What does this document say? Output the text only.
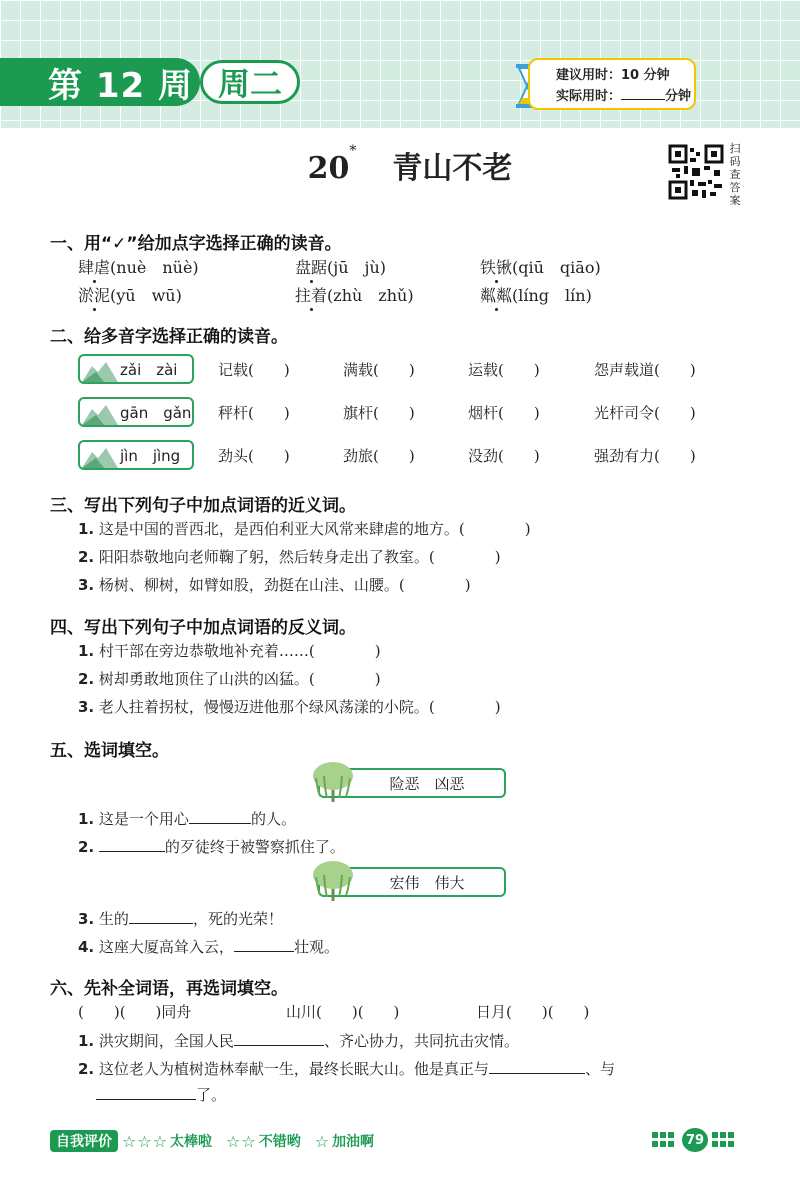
第 12 周 周二	建议用时：10 分钟
实际用时：	分钟
20* 青山不老
扫码查答案
一、用“✓”给加点字选择正确的读音。
肆虐(nuè　nüè)	盘踞(jū　jù)	铁锹(qiū　qiāo)
淤泥(yū　wū)	拄着(zhù　zhǔ)	粼粼(líng　lín)
二、给多音字选择正确的读音。
zǎi　zài	记载(　　)	满载(　　)	运载(　　)	怨声载道(　　)
gān　gǎn 秤杆(　　)	旗杆(　　)	烟杆(　　)	光杆司令(　　)
jìn　jìng	劲头(　　)	劲旅(　　)	没劲(　　)	强劲有力(　　)
三、写出下列句子中加点词语的近义词。
1. 这是中国的晋西北，是西伯利亚大风常来肆虐的地方。(　　　　)
2. 阳阳恭敬地向老师鞠了躬，然后转身走出了教室。(　　　　)
3. 杨树、柳树，如臂如股，劲挺在山洼、山腰。(　　　　)
四、写出下列句子中加点词语的反义词。
1. 村干部在旁边恭敬地补充着……(　　　　)
2. 树却勇敢地顶住了山洪的凶猛。(　　　　)
3. 老人拄着拐杖，慢慢迈进他那个绿风荡漾的小院。(　　　　)
五、选词填空。
险恶　凶恶
1. 这是一个用心	的人。
2.	的歹徒终于被警察抓住了。
宏伟　伟大
3. 生的	，死的光荣！
4. 这座大厦高耸入云，	壮观。
六、先补全词语，再选词填空。
(　　)(　　)同舟	山川(　　)(　　)	日月(　　)(　　)
1. 洪灾期间，全国人民	、齐心协力，共同抗击灾情。
2. 这位老人为植树造林奉献一生，最终长眠大山。他是真正与	、与
了。
自我评价 ☆ ☆ ☆ 太棒啦 ☆ ☆ 不错哟 ☆ 加油啊	79
